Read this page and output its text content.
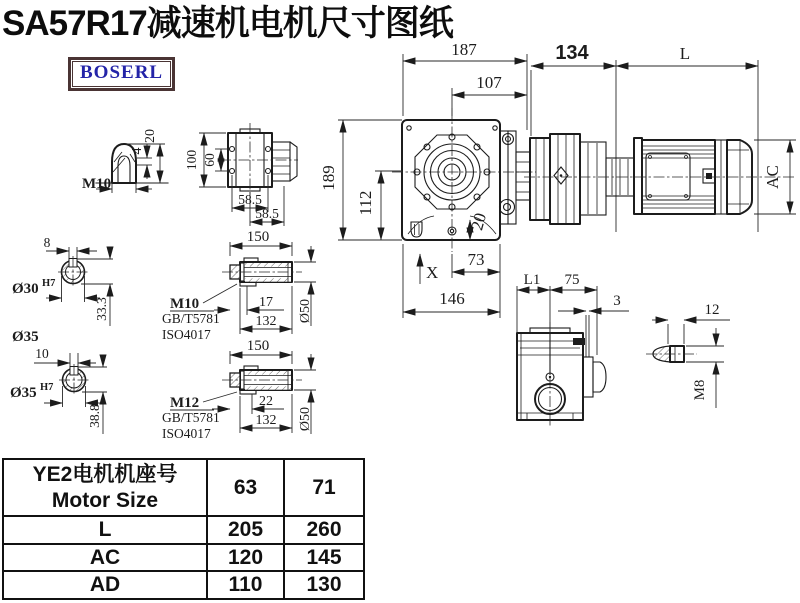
SA57R17减速机电机尺寸图纸
BOSERL
M10
4
20
100 60
58.5
58.5	20
X
73
146
189
112
187
107
134	L
AC
8
Ø30 H7
33.3
Ø35
10
Ø35 H7
38.8
150
M10
GB/T5781
ISO4017
17
132 Ø50
150
M12
GB/T5781
ISO4017
22
132 Ø50
L1 75
3
12
M8
YE2电机机座号
Motor Size	63	71
L	205	260
AC	120	145
AD	110	130
